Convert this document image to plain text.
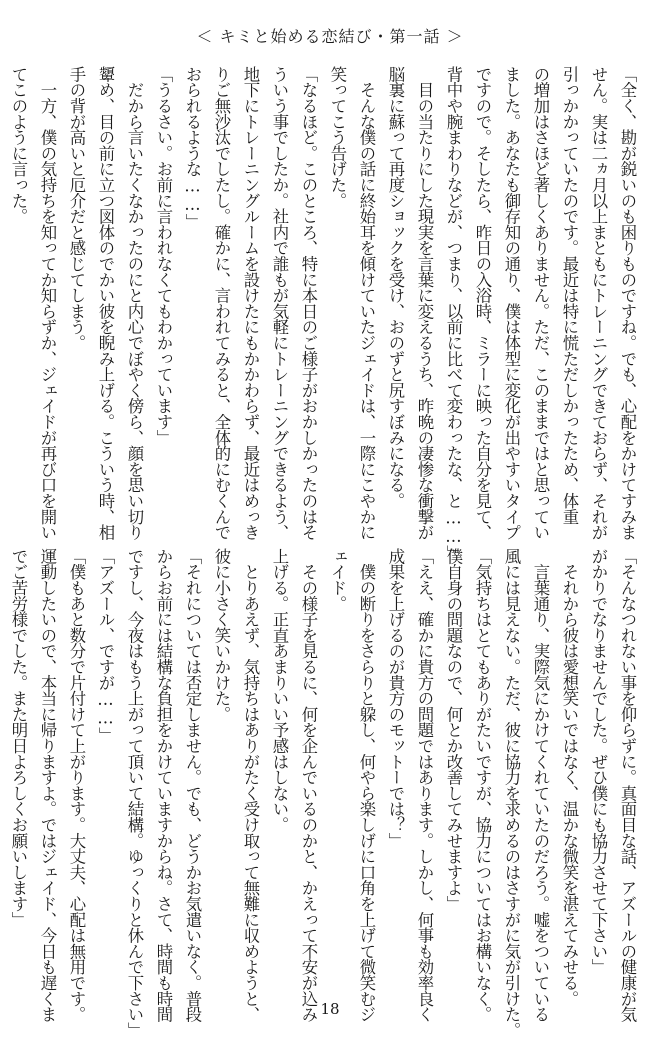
＜ キミと始める恋結び・第一話 ＞
「全く、勘が鋭いのも困りものですね。でも、心配をかけてすみま
せん。実は二ヵ月以上まともにトレーニングできておらず、それが
引っかかっていたのです。最近は特に慌ただしかったため、体重
の増加はさほど著しくありません。ただ、このままではと思ってい
ました。あなたも御存知の通り、僕は体型に変化が出やすいタイプ
ですので。そしたら、昨日の入浴時、ミラーに映った自分を見て、
背中や腕まわりなどが、つまり、以前に比べて変わったな、と……」
　目の当たりにした現実を言葉に変えるうち、昨晩の凄惨な衝撃が
脳裏に蘇って再度ショックを受け、おのずと尻すぼみになる。
　そんな僕の話に終始耳を傾けていたジェイドは、一際にこやかに
笑ってこう告げた。
「なるほど。このところ、特に本日のご様子がおかしかったのはそ
ういう事でしたか。社内で誰もが気軽にトレーニングできるよう、
地下にトレーニングルームを設けたにもかかわらず、最近はめっき
りご無沙汰でしたし。確かに、言われてみると、全体的にむくんで
おられるような……」
「うるさい。お前に言われなくてもわかっています」
　だから言いたくなかったのにと内心でぼやく傍ら、顔を思い切り
顰め、目の前に立つ図体のでかい彼を睨み上げる。こういう時、相
手の背が高いと厄介だと感じてしまう。
　一方、僕の気持ちを知ってか知らずか、ジェイドが再び口を開い
てこのように言った。
「そんなつれない事を仰らずに。真面目な話、アズールの健康が気
がかりでなりませんでした。ぜひ僕にも協力させて下さい」
　それから彼は愛想笑いではなく、温かな微笑を湛えてみせる。
　言葉通り、実際気にかけてくれていたのだろう。嘘をついている
風には見えない。ただ、彼に協力を求めるのはさすがに気が引けた。
「気持ちはとてもありがたいですが、協力についてはお構いなく。
僕自身の問題なので、何とか改善してみせますよ」
「ええ、確かに貴方の問題ではあります。しかし、何事も効率良く
成果を上げるのが貴方のモットーでは？」
　僕の断りをさらりと躱し、何やら楽しげに口角を上げて微笑むジ
ェイド。
　その様子を見るに、何を企んでいるのかと、かえって不安が込み
上げる。正直あまりいい予感はしない。
　とりあえず、気持ちはありがたく受け取って無難に収めようと、
彼に小さく笑いかけた。
「それについては否定しません。でも、どうかお気遣いなく。普段
からお前には結構な負担をかけていますからね。さて、時間も時間
ですし、今夜はもう上がって頂いて結構。ゆっくりと休んで下さい」
「アズール、ですが……」
「僕もあと数分で片付けて上がります。大丈夫、心配は無用です。
運動したいので、本当に帰りますよ。ではジェイド、今日も遅くま
でご苦労様でした。また明日よろしくお願いします」
18
